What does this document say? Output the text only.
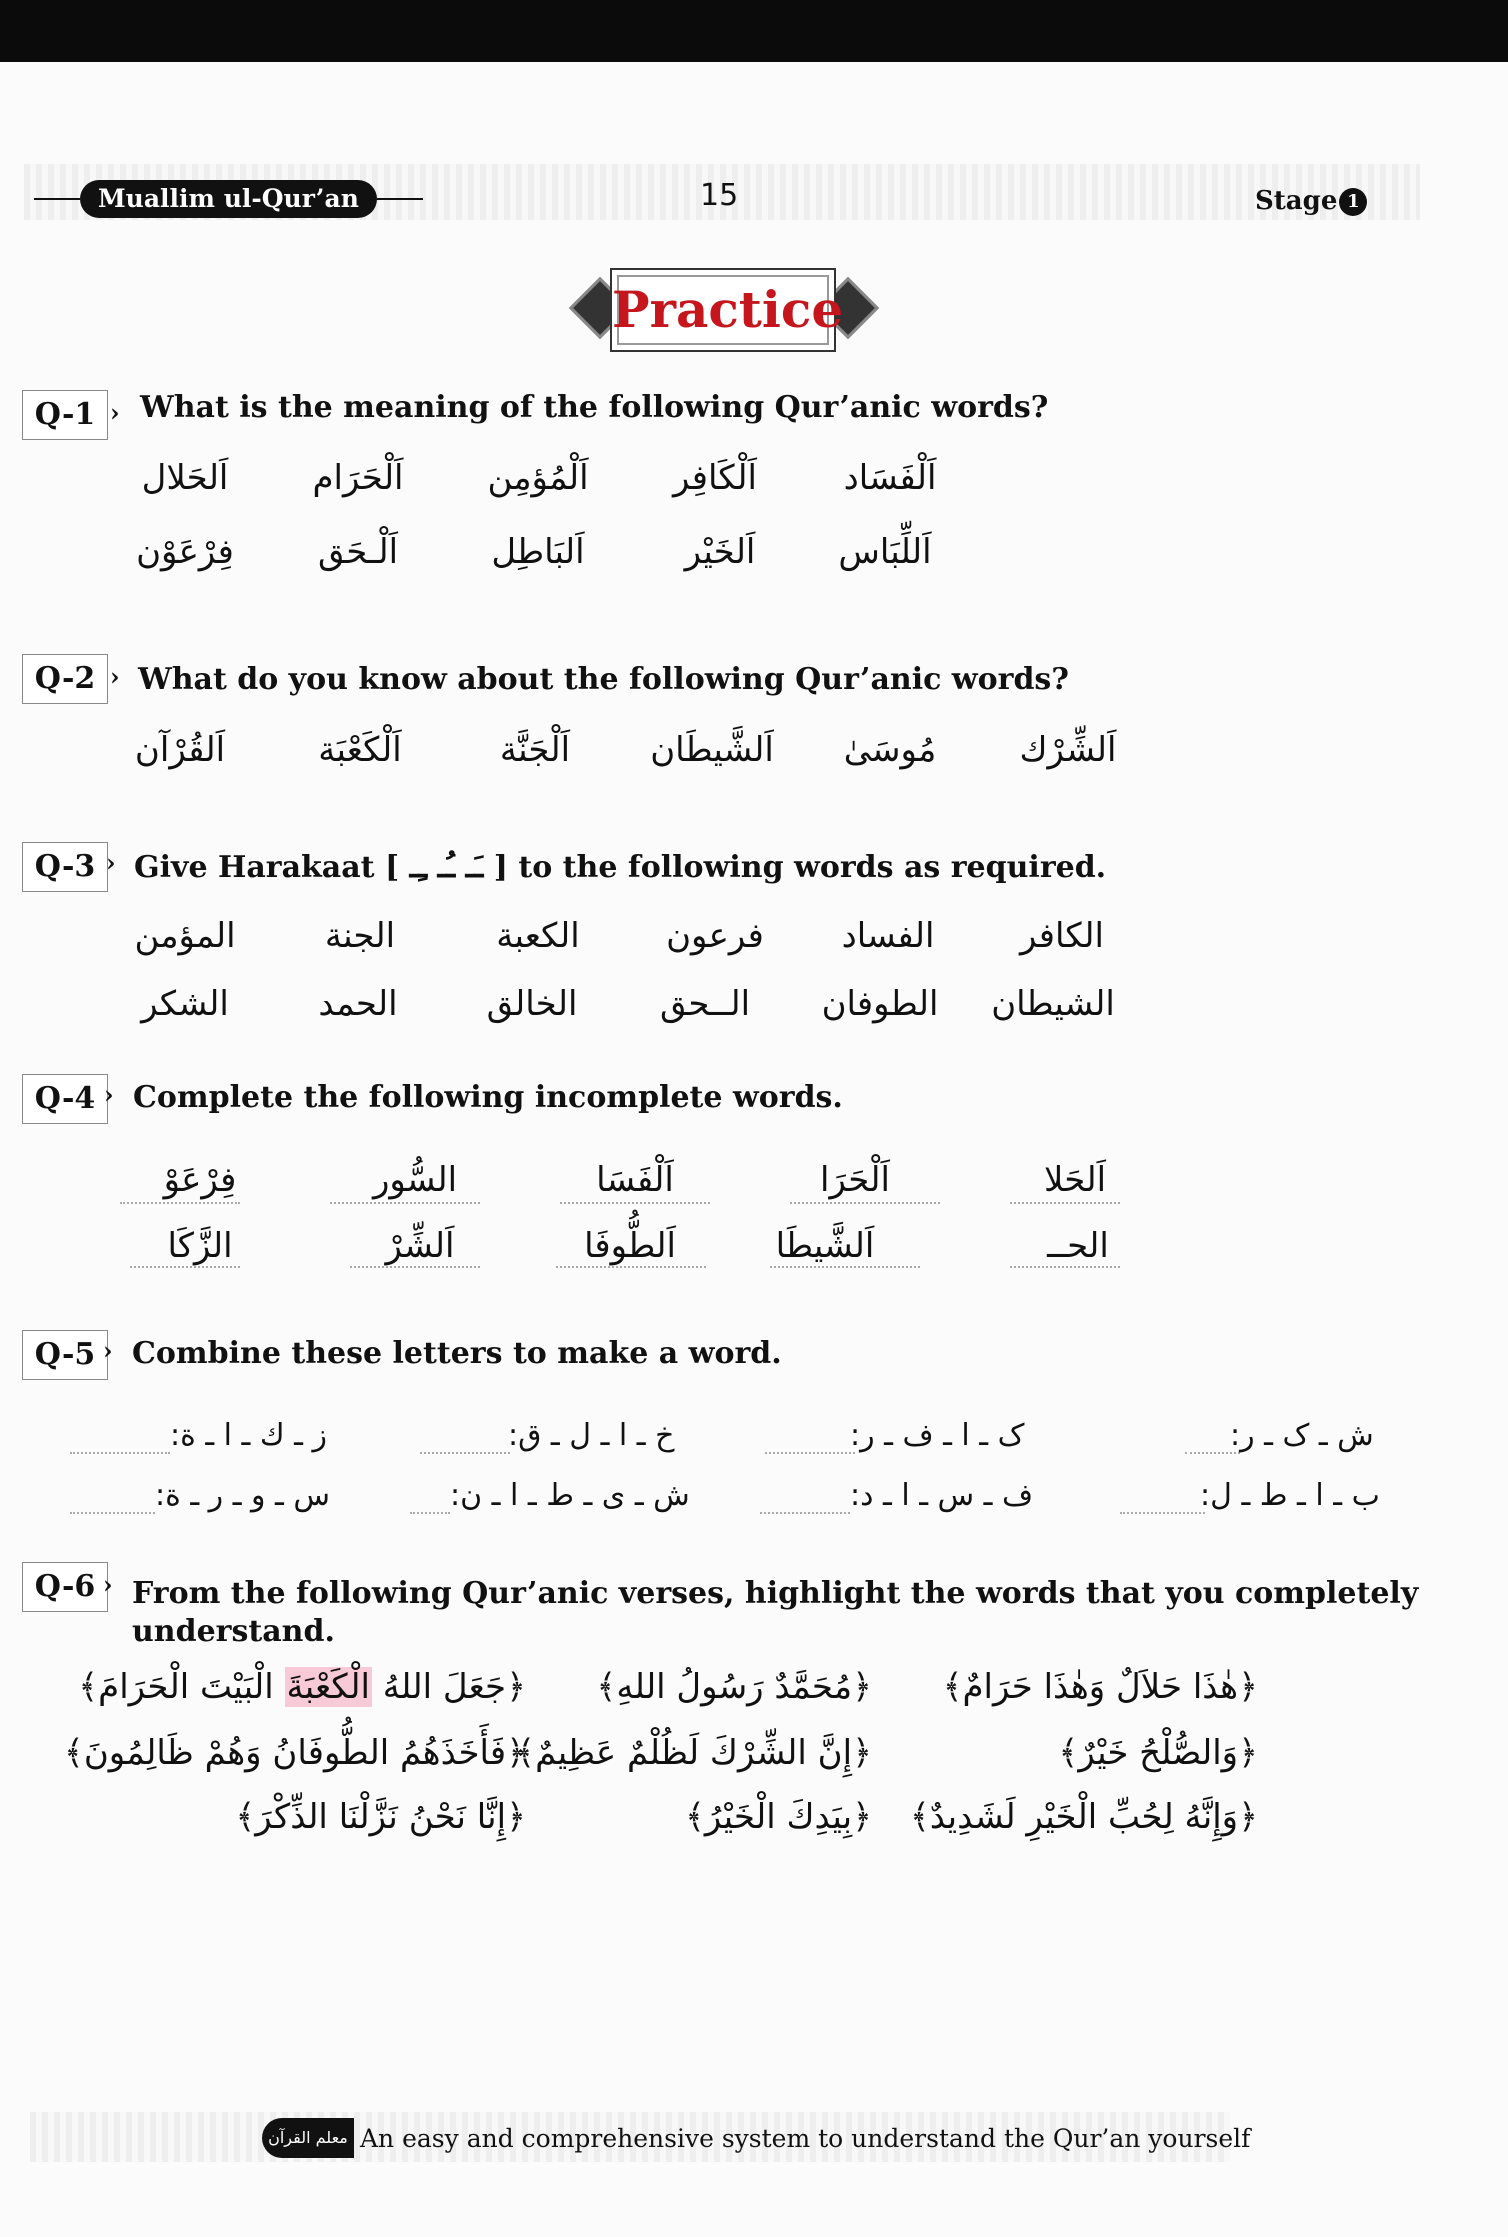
Muallim ul-Qur’an	15	Stage 1
Practice
Q-1 › What is the meaning of the following Qur’anic words?
اَلْفَسَاد
اَلْكَافِر
اَلْمُؤمِن
اَلْحَرَام
اَلحَلال
اَللِّبَاس
اَلخَيْر
اَلبَاطِل
اَلْـحَق
فِرْعَوْن
Q-2 › What do you know about the following Qur’anic words?
اَلشِّرْك
مُوسَىٰ
اَلشَّيطَان
اَلْجَنَّة
اَلْكَعْبَة
اَلقُرْآن
Q-3 › Give Harakaat [ ـَـ ـُـ ـِـ ] to the following words as required.
الكافر
الفساد
فرعون
الكعبة
الجنة
المؤمن
الشيطان
الطوفان
الــحق
الخالق
الحمد
الشكر
Q-4 › Complete the following incomplete words.
اَلحَلا
اَلْحَرَا
اَلْفَسَا
السُّور
فِرْعَوْ
الحــ
اَلشَّيطَا
اَلطُّوفَا
اَلشِّرْ
الزَّكَا
Q-5 › Combine these letters to make a word.
ش ـ ک ـ ر:
ک ـ ا ـ ف ـ ر:
خ ـ ا ـ ل ـ ق:
ز ـ ك ـ ا ـ ة:
ب ـ ا ـ ط ـ ل:
ف ـ س ـ ا ـ د:
ش ـ ی ـ ط ـ ا ـ ن:
س ـ و ـ ر ـ ة:
Q-6 › From the following Qur’anic verses, highlight the words that you completely
understand.
﴿هٰذَا حَلاَلٌ وَهٰذَا حَرَامٌ﴾
﴿مُحَمَّدٌ رَسُولُ اللهِ﴾
﴿جَعَلَ اللهُ الْكَعْبَةَ الْبَيْتَ الْحَرَامَ﴾
﴿وَالصُّلْحُ خَيْرٌ﴾
﴿إِنَّ الشِّرْكَ لَظُلْمٌ عَظِيمٌ﴾
﴿فَأَخَذَهُمُ الطُّوفَانُ وَهُمْ ظَالِمُونَ﴾
﴿وَإِنَّهُ لِحُبِّ الْخَيْرِ لَشَدِيدٌ﴾
﴿بِيَدِكَ الْخَيْرُ﴾
﴿إِنَّا نَحْنُ نَزَّلْنَا الذِّكْرَ﴾
معلم القرآن An easy and comprehensive system to understand the Qur’an yourself
